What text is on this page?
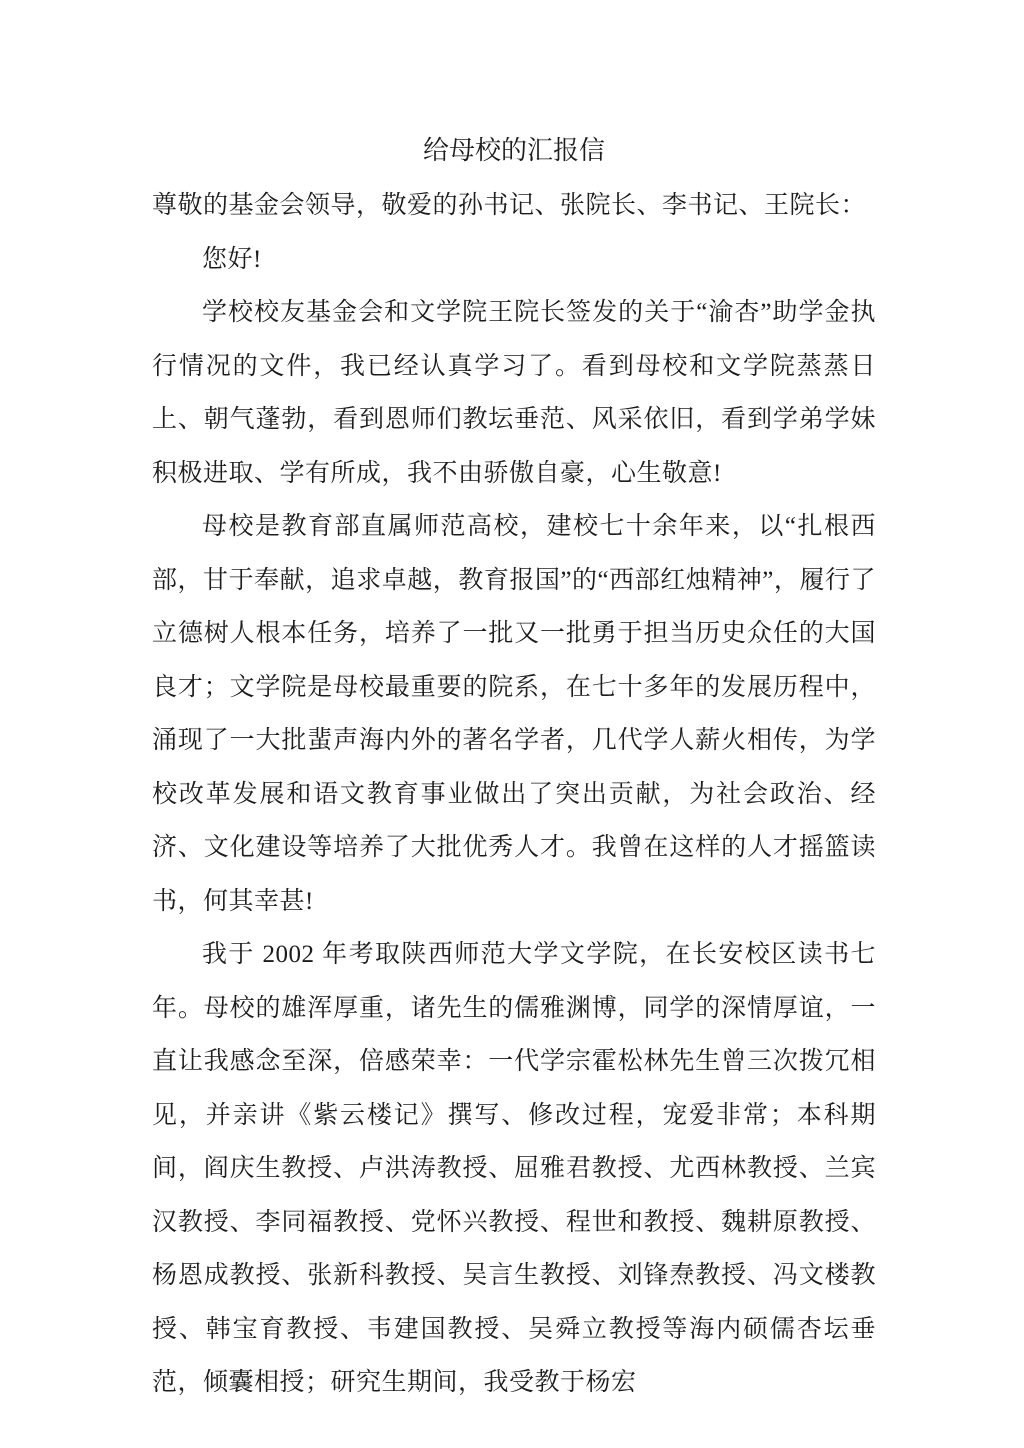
给母校的汇报信

尊敬的基金会领导，敬爱的孙书记、张院长、李书记、王院长：

您好!

学校校友基金会和文学院王院长签发的关于“渝杏”助学金执行情况的文件，我已经认真学习了。看到母校和文学院蒸蒸日上、朝气蓬勃，看到恩师们教坛垂范、风采依旧，看到学弟学妹积极进取、学有所成，我不由骄傲自豪，心生敬意!

母校是教育部直属师范高校，建校七十余年来，以“扎根西部，甘于奉献，追求卓越，教育报国”的“西部红烛精神”，履行了立德树人根本任务，培养了一批又一批勇于担当历史众任的大国良才；文学院是母校最重要的院系，在七十多年的发展历程中，涌现了一大批蜚声海内外的著名学者，几代学人薪火相传，为学校改革发展和语文教育事业做出了突出贡献，为社会政治、经济、文化建设等培养了大批优秀人才。我曾在这样的人才摇篮读书，何其幸甚!

我于 2002 年考取陕西师范大学文学院，在长安校区读书七年。母校的雄浑厚重，诸先生的儒雅渊博，同学的深情厚谊，一直让我感念至深，倍感荣幸：一代学宗霍松林先生曾三次拨冗相见，并亲讲《紫云楼记》撰写、修改过程，宠爱非常；本科期间，阎庆生教授、卢洪涛教授、屈雅君教授、尤西林教授、兰宾汉教授、李同福教授、党怀兴教授、程世和教授、魏耕原教授、杨恩成教授、张新科教授、吴言生教授、刘锋焘教授、冯文楼教授、韩宝育教授、韦建国教授、吴舜立教授等海内硕儒杏坛垂范，倾囊相授；研究生期间，我受教于杨宏
